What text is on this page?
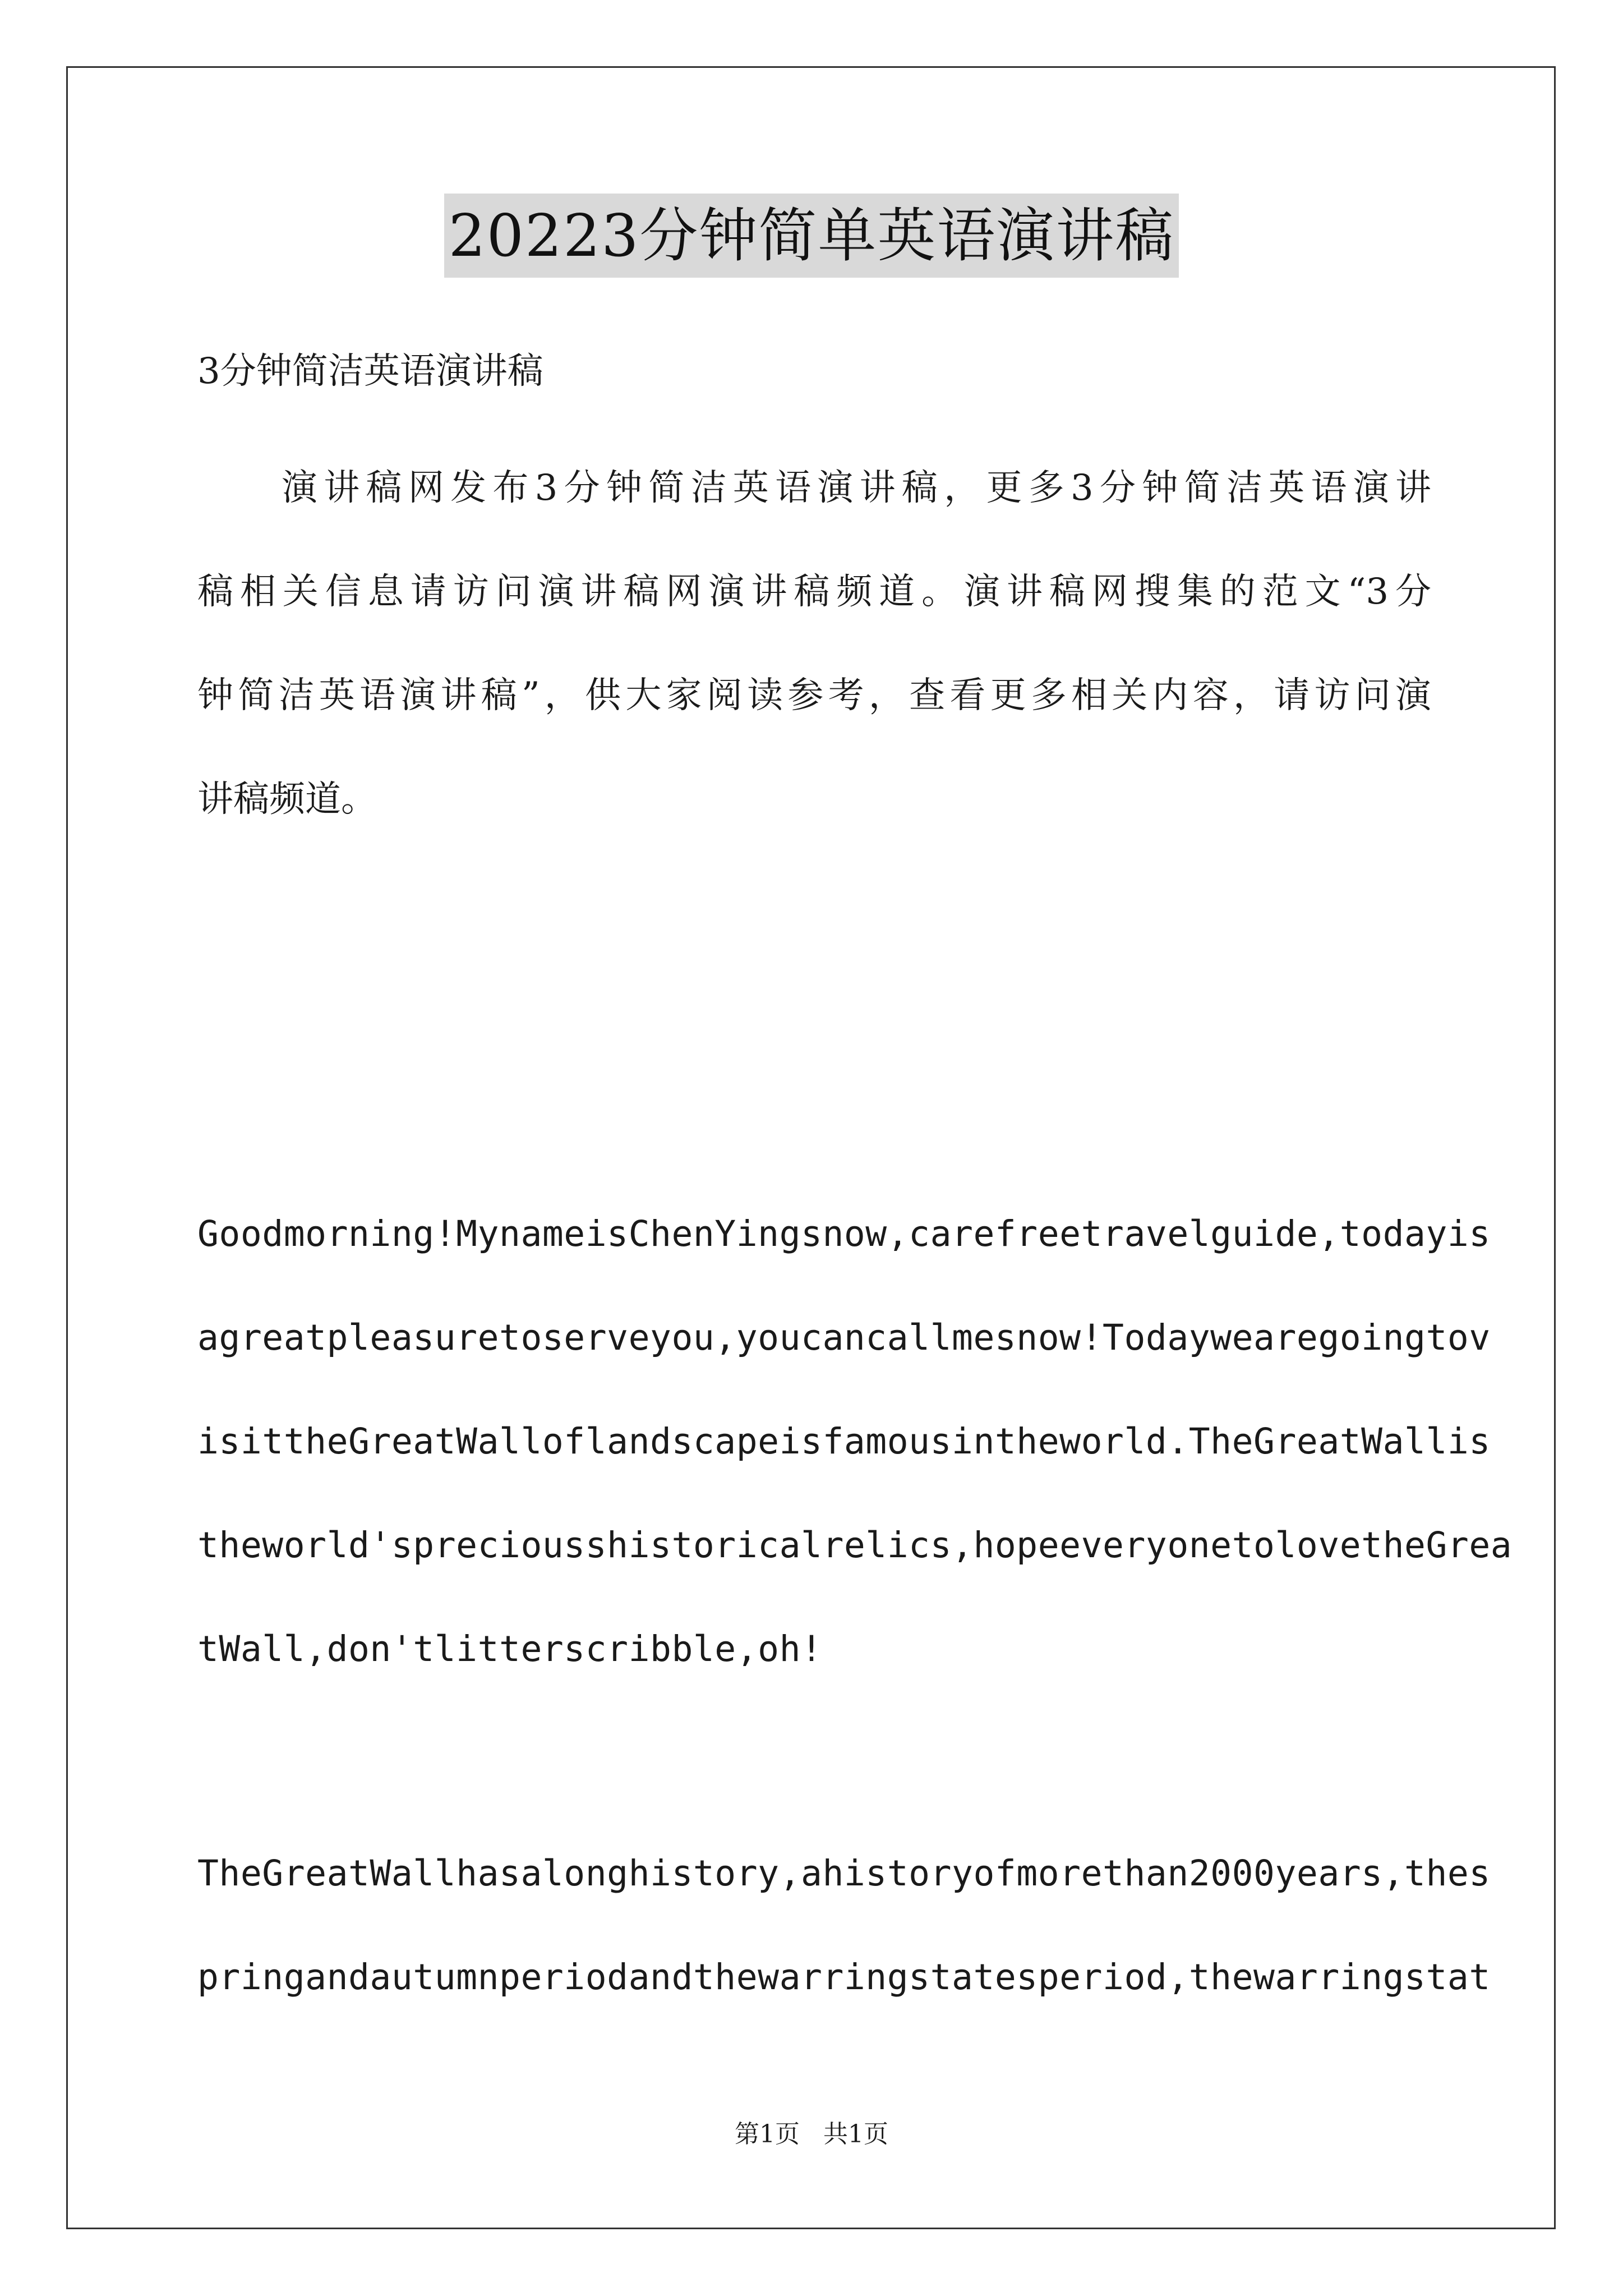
20223分钟简单英语演讲稿
3分钟简洁英语演讲稿
演讲稿网发布3分钟简洁英语演讲稿，更多3分钟简洁英语演讲
稿相关信息请访问演讲稿网演讲稿频道。演讲稿网搜集的范文“3分
钟简洁英语演讲稿”，供大家阅读参考，查看更多相关内容，请访问演
讲稿频道。
Goodmorning!MynameisChenYingsnow,carefreetravelguide,todayis
agreatpleasuretoserveyou,youcancallmesnow!Todaywearegoingtov
isittheGreatWalloflandscapeisfamousintheworld.TheGreatWallis
theworld'spreciousshistoricalrelics,hopeeveryonetolovetheGrea
tWall,don'tlitterscribble,oh!
TheGreatWallhasalonghistory,ahistoryofmorethan2000years,thes
pringandautumnperiodandthewarringstatesperiod,thewarringstat
第1页 共1页
